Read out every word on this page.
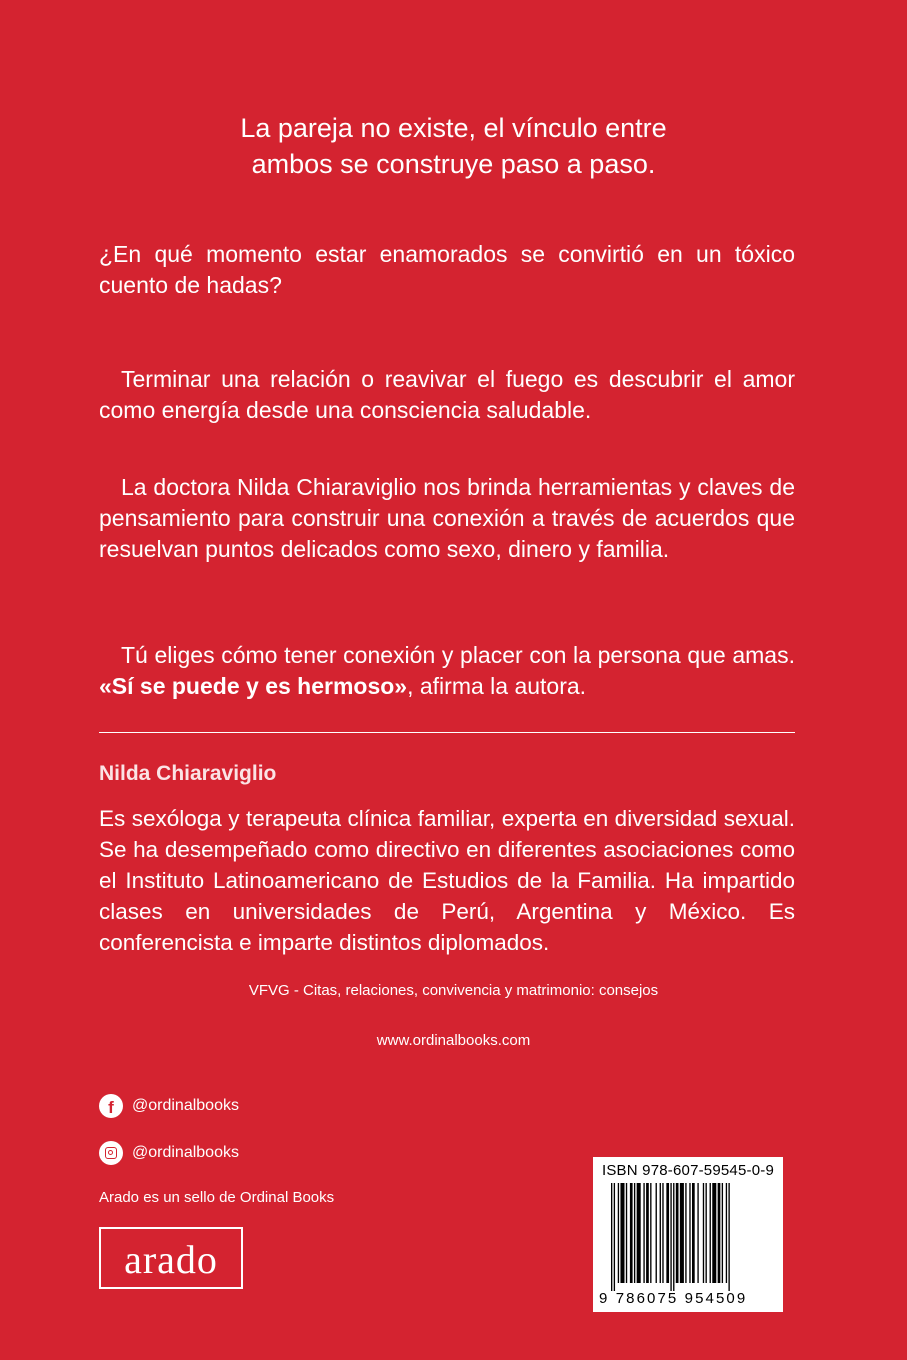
La pareja no existe, el vínculo entre
ambos se construye paso a paso.
¿En qué momento estar enamorados se convirtió en un tóxico cuento de hadas?
Terminar una relación o reavivar el fuego es descubrir el amor como energía desde una consciencia saludable.
La doctora Nilda Chiaraviglio nos brinda herramientas y claves de pensamiento para construir una conexión a través de acuerdos que resuelvan puntos delicados como sexo, dinero y familia.
Tú eliges cómo tener conexión y placer con la persona que amas. «Sí se puede y es hermoso», afirma la autora.
Nilda Chiaraviglio
Es sexóloga y terapeuta clínica familiar, experta en diversidad sexual. Se ha desempeñado como directivo en diferentes asociaciones como el Instituto Latinoamericano de Estudios de la Familia. Ha impartido clases en universidades de Perú, Argentina y México. Es conferencista e imparte distintos diplomados.
VFVG - Citas, relaciones, convivencia y matrimonio: consejos
www.ordinalbooks.com
f	@ordinalbooks
@ordinalbooks
Arado es un sello de Ordinal Books
arado
ISBN 978-607-59545-0-9
9 786075 954509
